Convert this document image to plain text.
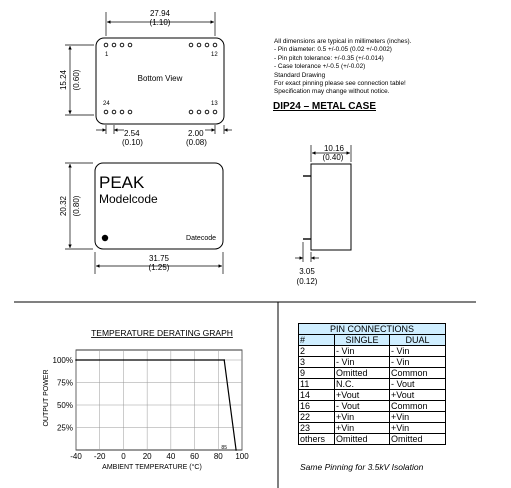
27.94
(1.10)
15.24 (0.60)
1	12
24	13
Bottom View
2.54
(0.10)
2.00
(0.08)
PEAK
Modelcode
Datecode
20.32 (0.80)
31.75
(1.25)
10.16
(0.40)
3.05
(0.12)
TEMPERATURE DERATING GRAPH
OUTPUT POWER
AMBIENT TEMPERATURE (°C)
-40 -20 0 20 40 60 80 100
100%
75%
50%
25%
85
All dimensions are typical in millimeters (inches).
- Pin diameter: 0.5 +/-0.05 (0.02 +/-0.002)
- Pin pitch tolerance: +/-0.35 (+/-0.014)
- Case tolerance +/-0.5 (+/-0.02)
Standard Drawing
For exact pinning please see connection table!
Specification may change without notice.
DIP24 – METAL CASE
PIN CONNECTIONS		
#	SINGLE	DUAL
2	- Vin	- Vin
3	- Vin	- Vin
9	Omitted	Common
11	N.C.	- Vout
14	+Vout	+Vout
16	- Vout	Common
22	+Vin	+Vin
23	+Vin	+Vin
others	Omitted	Omitted
Same Pinning for 3.5kV Isolation
